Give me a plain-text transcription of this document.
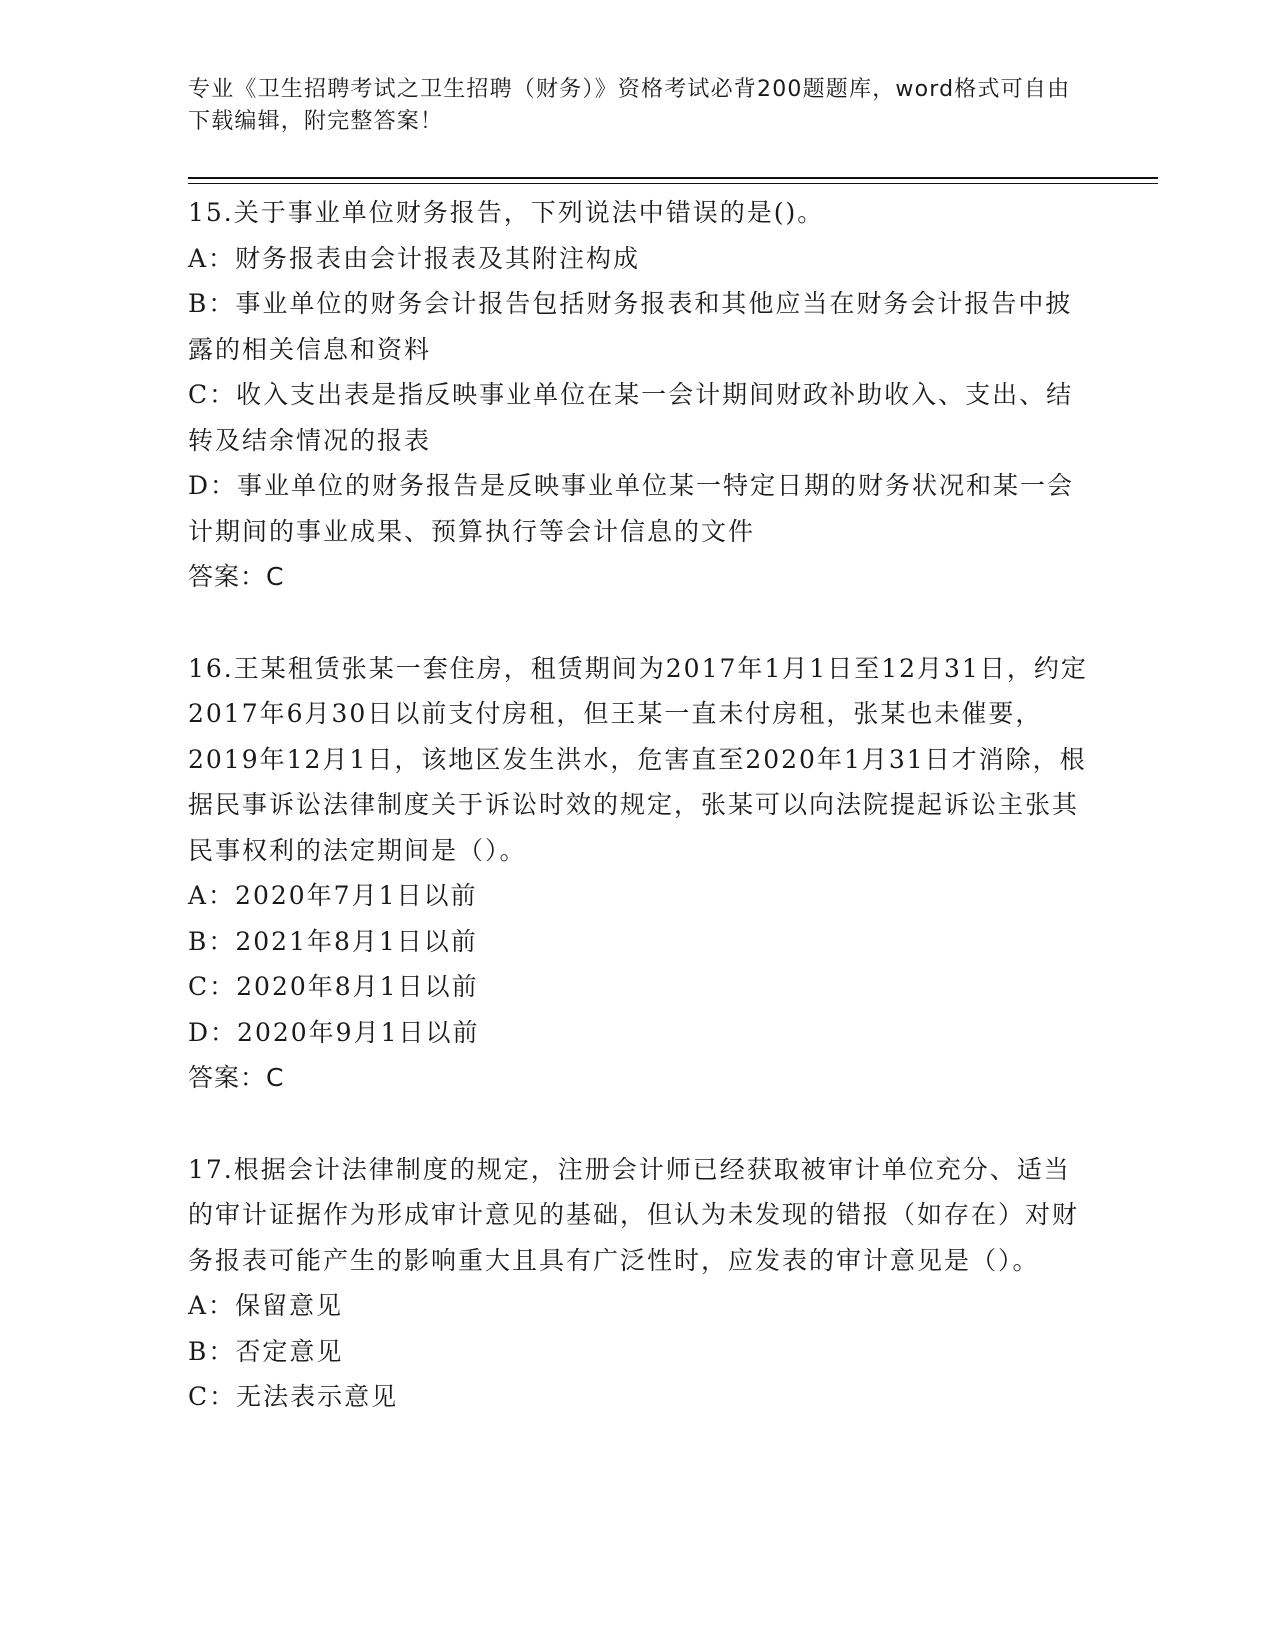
专业《卫生招聘考试之卫生招聘（财务）》资格考试必背200题题库，word格式可自由下载编辑，附完整答案！

15.关于事业单位财务报告，下列说法中错误的是()。

A：财务报表由会计报表及其附注构成

B：事业单位的财务会计报告包括财务报表和其他应当在财务会计报告中披露的相关信息和资料

C：收入支出表是指反映事业单位在某一会计期间财政补助收入、支出、结转及结余情况的报表

D：事业单位的财务报告是反映事业单位某一特定日期的财务状况和某一会计期间的事业成果、预算执行等会计信息的文件

答案：C

16.王某租赁张某一套住房，租赁期间为2017年1月1日至12月31日，约定2017年6月30日以前支付房租，但王某一直未付房租，张某也未催要，2019年12月1日，该地区发生洪水，危害直至2020年1月31日才消除，根据民事诉讼法律制度关于诉讼时效的规定，张某可以向法院提起诉讼主张其民事权利的法定期间是（）。

A：2020年7月1日以前

B：2021年8月1日以前

C：2020年8月1日以前

D：2020年9月1日以前

答案：C

17.根据会计法律制度的规定，注册会计师已经获取被审计单位充分、适当的审计证据作为形成审计意见的基础，但认为未发现的错报（如存在）对财务报表可能产生的影响重大且具有广泛性时，应发表的审计意见是（）。

A：保留意见

B：否定意见

C：无法表示意见
